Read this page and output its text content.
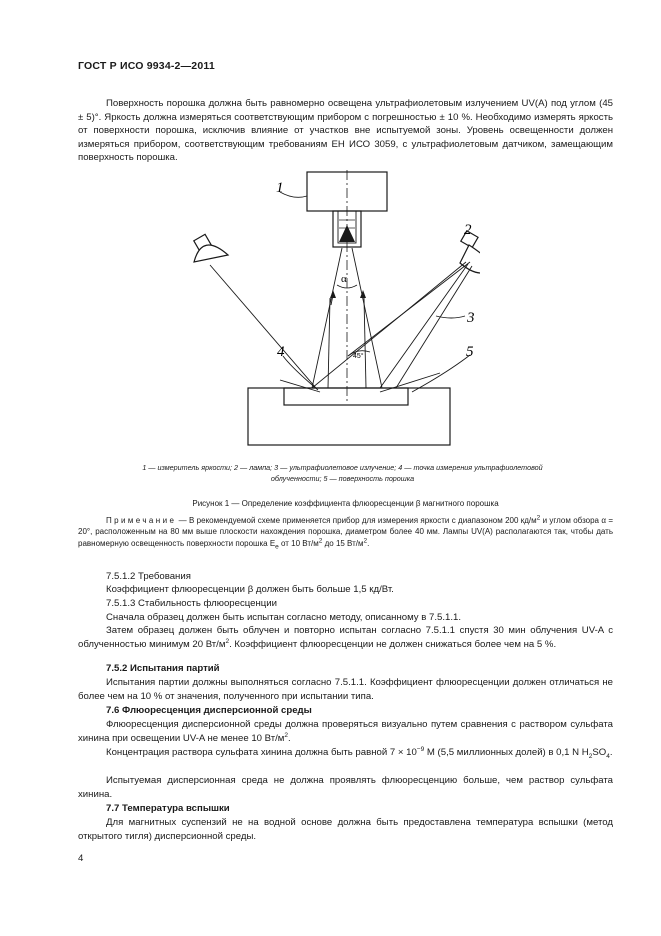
ГОСТ Р ИСО 9934-2—2011
Поверхность порошка должна быть равномерно освещена ультрафиолетовым излучением UV(A) под углом (45 ± 5)°. Яркость должна измеряться соответствующим прибором с погрешностью ± 10 %. Необходимо измерять яркость от поверхности порошка, исключив влияние от участков вне испытуемой зоны. Уровень освещенности должен измеряться прибором, соответствующим требованиям ЕН ИСО 3059, с ультрафиолетовым датчиком, замещающим поверхность порошка.
1
2
3
4	5
α
45°
1 — измеритель яркости; 2 — лампа; 3 — ультрафиолетовое излучение; 4 — точка измерения ультрафиолетовой
облученности; 5 — поверхность порошка
Рисунок 1 — Определение коэффициента флюоресценции β магнитного порошка
Примечание — В рекомендуемой схеме применяется прибор для измерения яркости с диапазоном 200 $кд/м^2$ и углом обзора α = 20°, расположенным на 80 мм выше плоскости нахождения порошка, диаметром более 40 мм. Лампы UV(A) располагаются так, чтобы дать равномерную освещенность поверхности порошка $E_e$ от 10 $Вт/м^2$ до 15 $Вт/м^2$.
7.5.1.2 Требования
Коэффициент флюоресценции β должен быть больше 1,5 кд/Вт.
7.5.1.3 Стабильность флюоресценции
Сначала образец должен быть испытан согласно методу, описанному в 7.5.1.1.
Затем образец должен быть облучен и повторно испытан согласно 7.5.1.1 спустя 30 мин облучения UV-A с облученностью минимум 20 $Вт/м^2$. Коэффициент флюоресценции не должен снижаться более чем на 5 %.
7.5.2 Испытания партий
Испытания партии должны выполняться согласно 7.5.1.1. Коэффициент флюоресценции должен отличаться не более чем на 10 % от значения, полученного при испытании типа.
7.6 Флюоресценция дисперсионной среды
Флюоресценция дисперсионной среды должна проверяться визуально путем сравнения с раствором сульфата хинина при освещении UV-A не менее 10 $Вт/м^2$.
Концентрация раствора сульфата хинина должна быть равной $7 \times 10^{-9}$ М (5,5 миллионных долей) в 0,1 N $H_2SO_4$.
Испытуемая дисперсионная среда не должна проявлять флюоресценцию больше, чем раствор сульфата хинина.
7.7 Температура вспышки
Для магнитных суспензий не на водной основе должна быть предоставлена температура вспышки (метод открытого тигля) дисперсионной среды.
4
